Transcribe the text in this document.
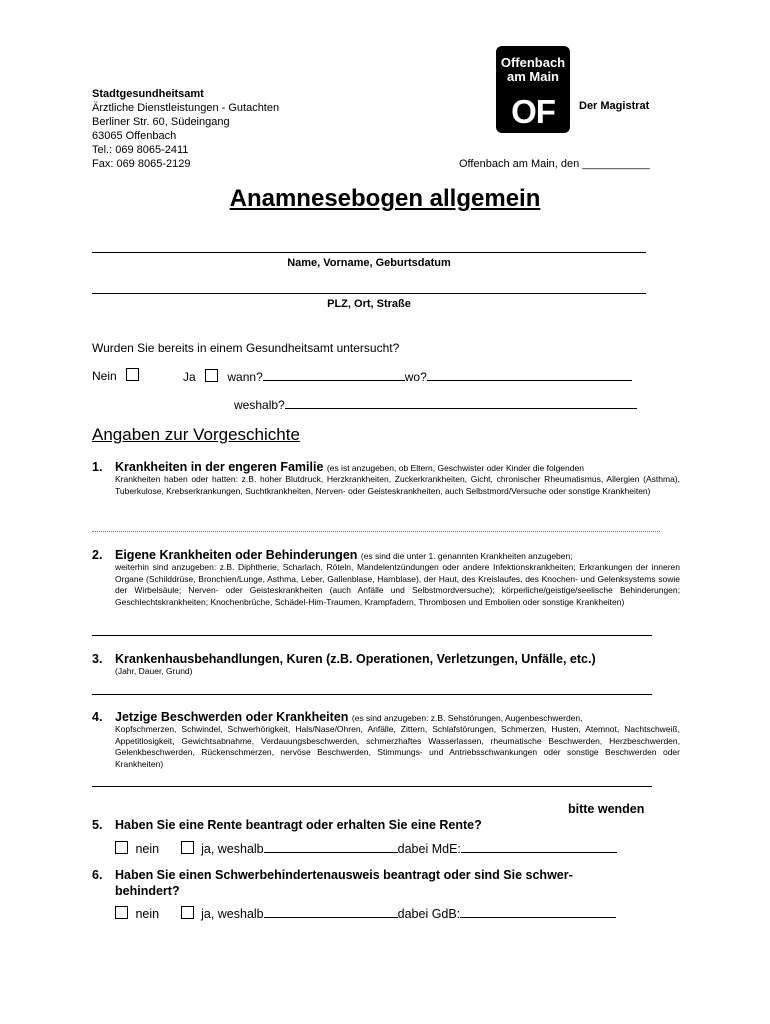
Stadtgesundheitsamt
Ärztliche Dienstleistungen - Gutachten
Berliner Str. 60, Südeingang
63065 Offenbach
Tel.: 069 8065-2411
Fax: 069 8065-2129
Offenbach
am Main
OF	Der Magistrat
Offenbach am Main, den ___________
Anamnesebogen allgemein
Name, Vorname, Geburtsdatum
PLZ, Ort, Straße
Wurden Sie bereits in einem Gesundheitsamt untersucht?
Nein	Ja	wann?	wo?
weshalb?
Angaben zur Vorgeschichte
1. Krankheiten in der engeren Familie (es ist anzugeben, ob Eltern, Geschwister oder Kinder die folgenden
Krankheiten haben oder hatten: z.B. hoher Blutdruck, Herzkrankheiten, Zuckerkrankheiten, Gicht, chronischer Rheumatismus, Allergien (Asthma), Tuberkulose, Krebserkrankungen, Suchtkrankheiten, Nerven- oder Geisteskrankheiten, auch Selbstmord/Versuche oder sonstige Krankheiten)
2. Eigene Krankheiten oder Behinderungen (es sind die unter 1. genannten Krankheiten anzugeben;
weiterhin sind anzugeben: z.B. Diphtherie, Scharlach, Röteln, Mandelentzündungen oder andere Infektionskrankheiten; Erkrankungen der inneren Organe (Schilddrüse, Bronchien/Lunge, Asthma, Leber, Gallenblase, Harnblase), der Haut, des Kreislaufes, des Knochen- und Gelenksystems sowie der Wirbelsäule; Nerven- oder Geisteskrankheiten (auch Anfälle und Selbstmordversuche); körperliche/geistige/seelische Behinderungen; Geschlechtskrankheiten; Knochenbrüche, Schädel-Him-Traumen, Krampfadern, Thrombosen und Embolien oder sonstige Krankheiten)
3. Krankenhausbehandlungen, Kuren (z.B. Operationen, Verletzungen, Unfälle, etc.)
(Jahr, Dauer, Grund)
4. Jetzige Beschwerden oder Krankheiten (es sind anzugeben: z.B. Sehstörungen, Augenbeschwerden,
Kopfschmerzen, Schwindel, Schwerhörigkeit, Hals/Nase/Ohren, Anfälle, Zittern, Schlafstörungen, Schmerzen, Husten, Atemnot, Nachtschweiß, Appetitlosigkeit, Gewichtsabnahme, Verdauungsbeschwerden, schmerzhaftes Wasserlassen, rheumatische Beschwerden, Herzbeschwerden, Gelenkbeschwerden, Rückenschmerzen, nervöse Beschwerden, Stimmungs- und Antriebsschwankungen oder sonstige Beschwerden oder Krankheiten)
bitte wenden
5. Haben Sie eine Rente beantragt oder erhalten Sie eine Rente?
nein	ja, weshalb	dabei MdE:
6. Haben Sie einen Schwerbehindertenausweis beantragt oder sind Sie schwer-
behindert?
nein	ja, weshalb	dabei GdB:
